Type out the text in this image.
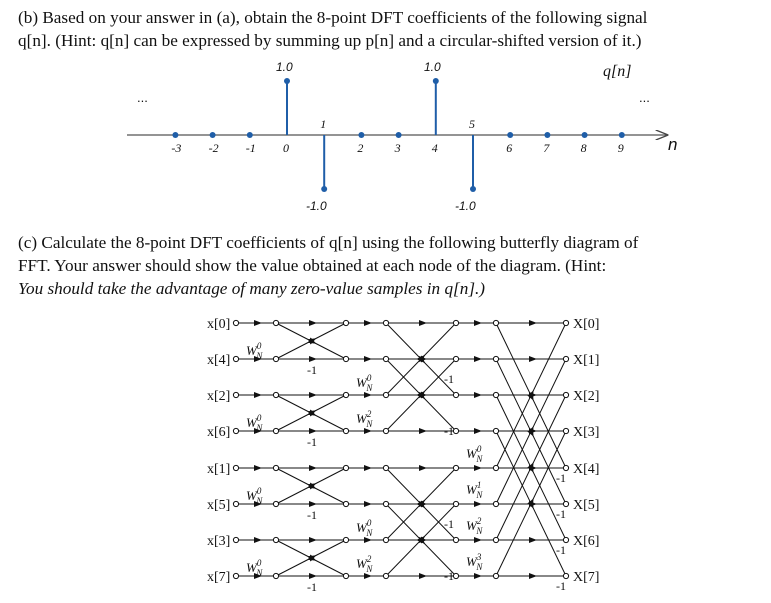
(b) Based on your answer in (a), obtain the 8-point DFT coefficients of the following signal

q[n]. (Hint: q[n] can be expressed by summing up p[n] and a circular-shifted version of it.)

-3 -2 -1 0
1
2	3	4
5
6	7	8	9
...	...
q[n]
n
1.0	1.0
-1.0	-1.0

(c) Calculate the 8-point DFT coefficients of q[n] using the following butterfly diagram of

FFT. Your answer should show the value obtained at each node of the diagram. (Hint:

You should take the advantage of many zero-value samples in q[n].)

$W^0$ N
-1
$W^0$ N
-1
$W^0$ N
-1
$W^0$ N
-1
$W^0$ N
-1
$W^2$ N	-1
$W^0$ N
-1
$W^2$ N	-1
$W^0$ N
-1
$W^1$ N
-1
$W^2$ N
-1
$W^3$ N
-1
x[0]	X[0]
x[4]	X[1]
x[2]	X[2]
x[6]	X[3]
x[1]	X[4]
x[5]	X[5]
x[3]	X[6]
x[7]	X[7]
